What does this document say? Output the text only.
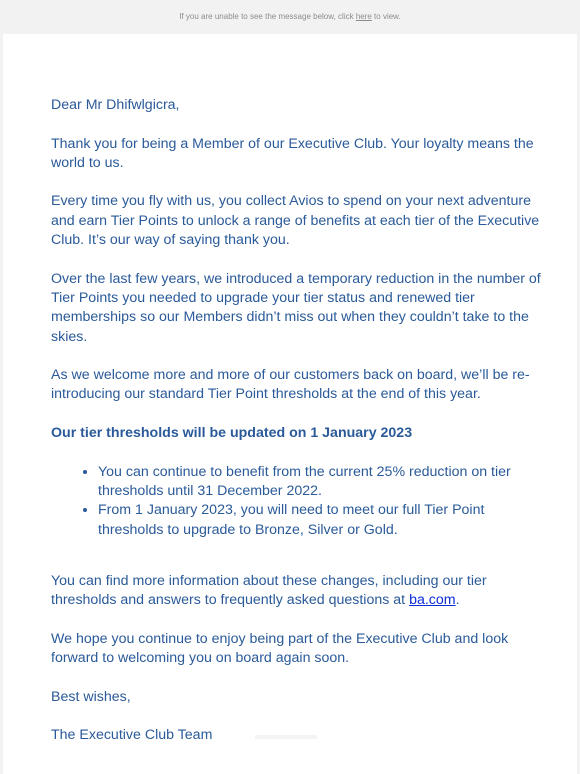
If you are unable to see the message below, click here to view.

Dear Mr Dhifwlgicra,

Thank you for being a Member of our Executive Club. Your loyalty means the world to us.

Every time you fly with us, you collect Avios to spend on your next adventure and earn Tier Points to unlock a range of benefits at each tier of the Executive Club. It’s our way of saying thank you.

Over the last few years, we introduced a temporary reduction in the number of Tier Points you needed to upgrade your tier status and renewed tier memberships so our Members didn’t miss out when they couldn’t take to the skies.

As we welcome more and more of our customers back on board, we’ll be re-introducing our standard Tier Point thresholds at the end of this year.

Our tier thresholds will be updated on 1 January 2023

• You can continue to benefit from the current 25% reduction on tier thresholds until 31 December 2022.
• From 1 January 2023, you will need to meet our full Tier Point thresholds to upgrade to Bronze, Silver or Gold.

You can find more information about these changes, including our tier thresholds and answers to frequently asked questions at ba.com.

We hope you continue to enjoy being part of the Executive Club and look forward to welcoming you on board again soon.

Best wishes,

The Executive Club Team
